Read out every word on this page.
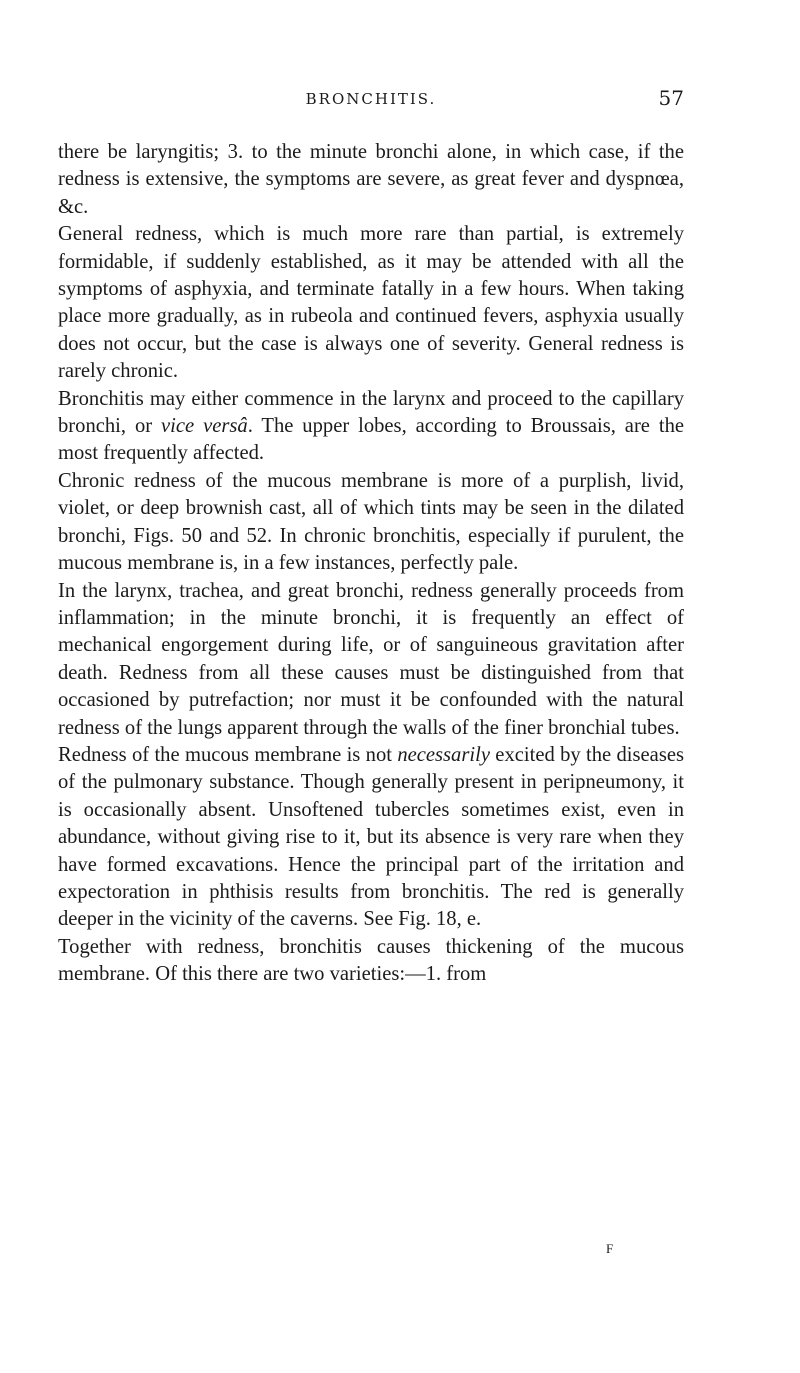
BRONCHITIS.	57

there be laryngitis; 3. to the minute bronchi alone, in which case, if the redness is extensive, the symptoms are severe, as great fever and dyspnœa, &c.

General redness, which is much more rare than partial, is extremely formidable, if suddenly established, as it may be attended with all the symptoms of asphyxia, and terminate fatally in a few hours. When taking place more gradually, as in rubeola and continued fevers, asphyxia usually does not occur, but the case is always one of severity. General redness is rarely chronic.

Bronchitis may either commence in the larynx and proceed to the capillary bronchi, or vice versâ. The upper lobes, according to Broussais, are the most frequently affected.

Chronic redness of the mucous membrane is more of a purplish, livid, violet, or deep brownish cast, all of which tints may be seen in the dilated bronchi, Figs. 50 and 52. In chronic bronchitis, especially if purulent, the mucous membrane is, in a few instances, perfectly pale.

In the larynx, trachea, and great bronchi, redness generally proceeds from inflammation; in the minute bronchi, it is frequently an effect of mechanical engorgement during life, or of sanguineous gravitation after death. Redness from all these causes must be distinguished from that occasioned by putrefaction; nor must it be confounded with the natural redness of the lungs apparent through the walls of the finer bronchial tubes.

Redness of the mucous membrane is not necessarily excited by the diseases of the pulmonary substance. Though generally present in peripneumony, it is occasionally absent. Unsoftened tubercles sometimes exist, even in abundance, without giving rise to it, but its absence is very rare when they have formed excavations. Hence the principal part of the irritation and expectoration in phthisis results from bronchitis. The red is generally deeper in the vicinity of the caverns. See Fig. 18, e.

Together with redness, bronchitis causes thickening of the mucous membrane. Of this there are two varieties:—1. from

F
